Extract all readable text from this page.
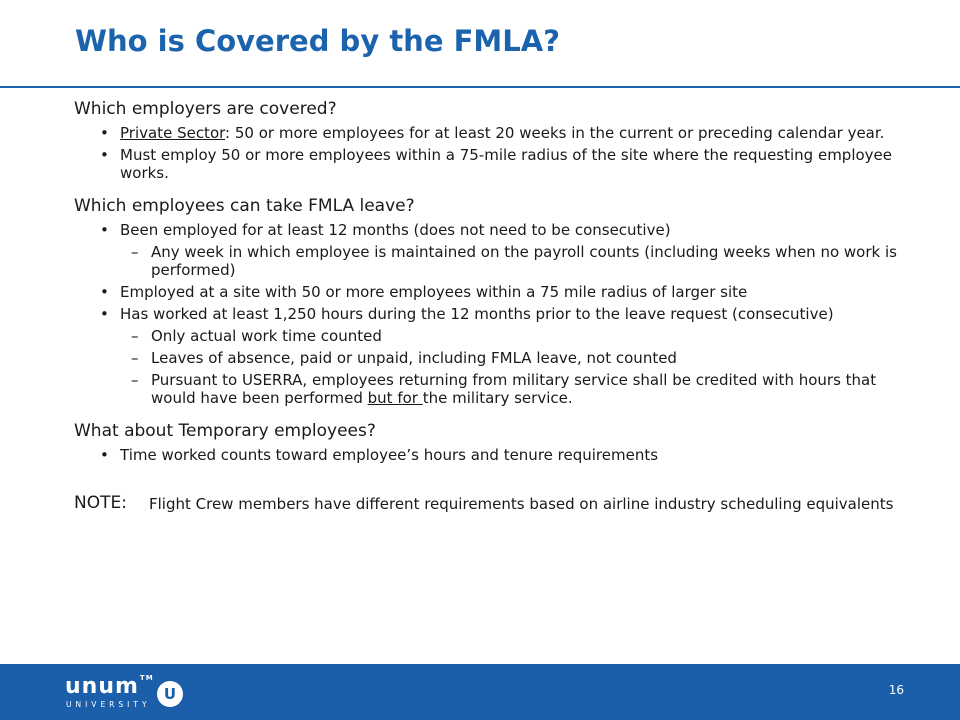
Who is Covered by the FMLA?

Which employers are covered?

• Private Sector: 50 or more employees for at least 20 weeks in the current or preceding calendar year.
• Must employ 50 or more employees within a 75-mile radius of the site where the requesting employee works.

Which employees can take FMLA leave?

• Been employed for at least 12 months (does not need to be consecutive)
– Any week in which employee is maintained on the payroll counts (including weeks when no work is performed)
• Employed at a site with 50 or more employees within a 75 mile radius of larger site
• Has worked at least 1,250 hours during the 12 months prior to the leave request (consecutive)
– Only actual work time counted
– Leaves of absence, paid or unpaid, including FMLA leave, not counted
– Pursuant to USERRA, employees returning from military service shall be credited with hours that would have been performed but for the military service.

What about Temporary employees?

• Time worked counts toward employee’s hours and tenure requirements
NOTE: Flight Crew members have different requirements based on airline industry scheduling equivalents
unum™
UNIVERSITY
U	16
